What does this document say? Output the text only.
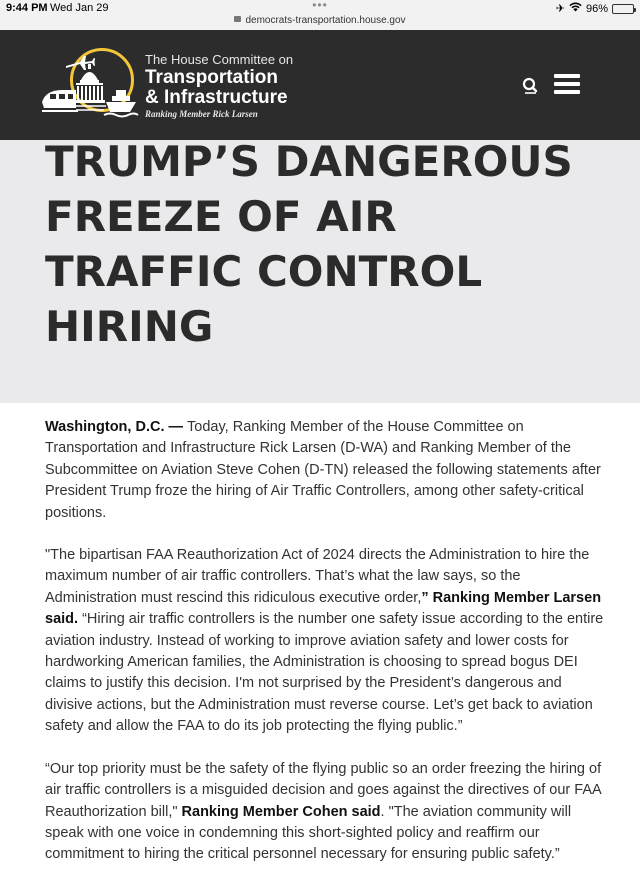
9:44 PM Wed Jan 29	•••	✈ 96%
democrats-transportation.house.gov
The House Committee on
Transportation
& Infrastructure
Ranking Member Rick Larsen
TRUMP’S DANGEROUS FREEZE OF AIR TRAFFIC CONTROL HIRING

Washington, D.C. — Today, Ranking Member of the House Committee on Transportation and Infrastructure Rick Larsen (D-WA) and Ranking Member of the Subcommittee on Aviation Steve Cohen (D-TN) released the following statements after President Trump froze the hiring of Air Traffic Controllers, among other safety-critical positions.

"The bipartisan FAA Reauthorization Act of 2024 directs the Administration to hire the maximum number of air traffic controllers. That’s what the law says, so the Administration must rescind this ridiculous executive order,” Ranking Member Larsen said. “Hiring air traffic controllers is the number one safety issue according to the entire aviation industry. Instead of working to improve aviation safety and lower costs for hardworking American families, the Administration is choosing to spread bogus DEI claims to justify this decision. I'm not surprised by the President’s dangerous and divisive actions, but the Administration must reverse course. Let’s get back to aviation safety and allow the FAA to do its job protecting the flying public.”

“Our top priority must be the safety of the flying public so an order freezing the hiring of air traffic controllers is a misguided decision and goes against the directives of our FAA Reauthorization bill," Ranking Member Cohen said. "The aviation community will speak with one voice in condemning this short-sighted policy and reaffirm our commitment to hiring the critical personnel necessary for ensuring public safety.”
